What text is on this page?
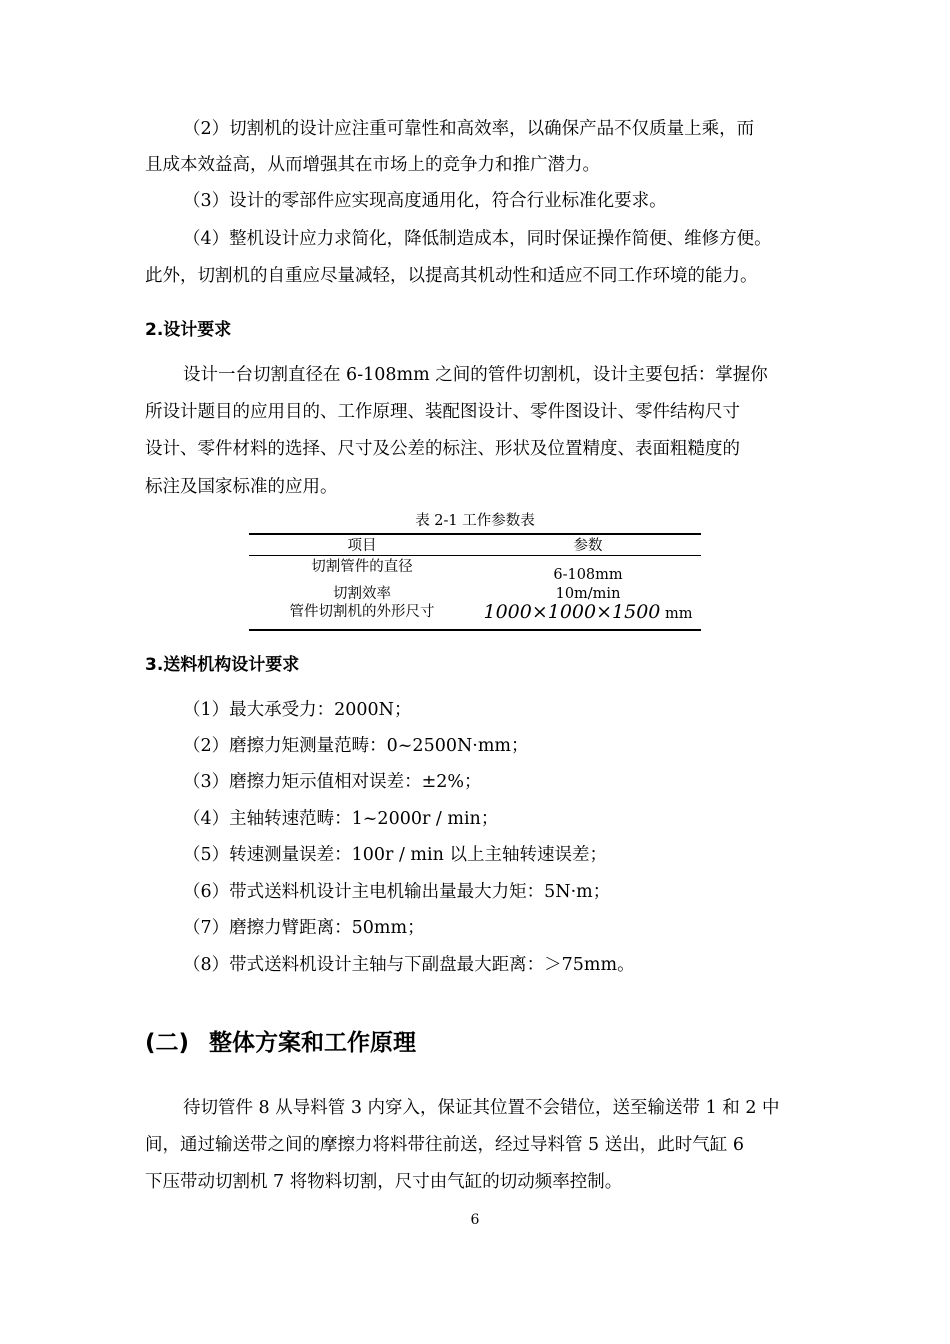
（2）切割机的设计应注重可靠性和高效率，以确保产品不仅质量上乘，而
且成本效益高，从而增强其在市场上的竞争力和推广潜力。
（3）设计的零部件应实现高度通用化，符合行业标准化要求。
（4）整机设计应力求简化，降低制造成本，同时保证操作简便、维修方便。
此外，切割机的自重应尽量减轻，以提高其机动性和适应不同工作环境的能力。
2.设计要求
设计一台切割直径在 6-108mm 之间的管件切割机，设计主要包括：掌握你
所设计题目的应用目的、工作原理、装配图设计、零件图设计、零件结构尺寸
设计、零件材料的选择、尺寸及公差的标注、形状及位置精度、表面粗糙度的
标注及国家标准的应用。
表 2-1 工作参数表
项目	参数
切割管件的直径	6-108mm
切割效率	10m/min
管件切割机的外形尺寸	1000×1000×1500 mm
3.送料机构设计要求
（1）最大承受力：2000N；
（2）磨擦力矩测量范畴：0~2500N·mm；
（3）磨擦力矩示值相对误差：±2%；
（4）主轴转速范畴：1~2000r / min；
（5）转速测量误差：100r / min 以上主轴转速误差；
（6）带式送料机设计主电机输出量最大力矩：5N·m；
（7）磨擦力臂距离：50mm；
（8）带式送料机设计主轴与下副盘最大距离：＞75mm。
(二) 整体方案和工作原理
待切管件 8 从导料管 3 内穿入，保证其位置不会错位，送至输送带 1 和 2 中
间，通过输送带之间的摩擦力将料带往前送，经过导料管 5 送出，此时气缸 6
下压带动切割机 7 将物料切割，尺寸由气缸的切动频率控制。
6
